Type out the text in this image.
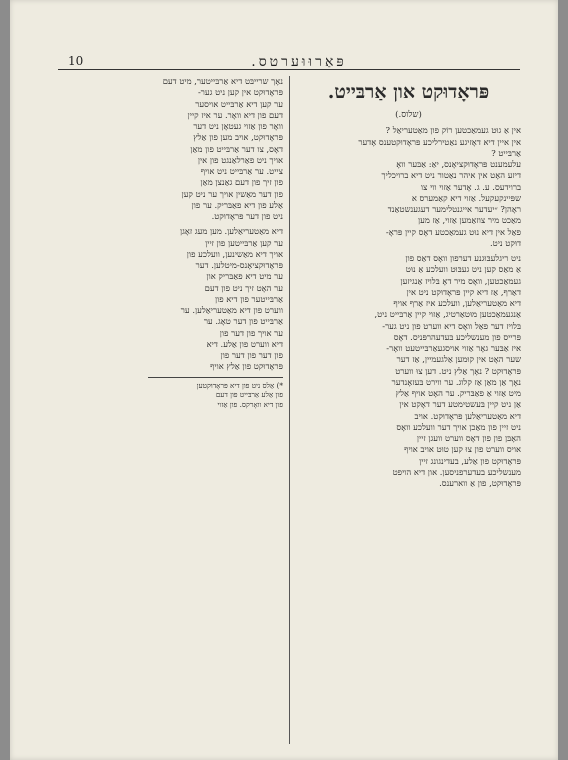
10	פּאַרוּוּערטס.
פּראָדוּקט און אַרבּייט.
(שלוס.)
אין אַ גוּט געמאַכטען רוֹק פון מאַטעריאַל ?
אין איין דיא דאָזיגע נאַטירליכע פּראָדוּקטענס אָדער
אַרבּייט ?
עלעמענט פּראָדוּקציאָנס, יאַ: אַבּער וואָ
דיזע האָט אין איהר נאַטור ניט דיא ברויכליך
ברוידעס. ע. ג. אָדער אַזוי ווי צו
שפּיינקעקעל. אַזוי דיא קאַמערס א
ראָהן? ״יעדער אייגנטלימער דעגענשטאַנד
מאַכט מיר צוזאַמען אַזוי, אַז מען
פאַל אין דיא נוּט געמאַכטע דאָס קיין פּראָ-
דוּקט ניט.
ניט ריגלעבּוּגנע דערפון וואָס דאַס פון
אַ מאַס קען ניט געבּוּט וועלכע אַ נוּט
געמאַכטען, וואָס מיר דאָ בּלויז אַנגיזען
דאַרף, אַז דיא קיין פּראָדוּקט ניט אין
דיא מאַטעריאַלען, וועלכע איז אַרף אויף
אַנגעמאַכטען מוּטאַרטיג, אַזוי קיין אַרבּייט ניט,
בּלויז דער פאַל וואָס דיא ווערט פון ניט גער-
פּרייס פון מענשליכע בּעדעהרפּניס. דאָס
איז אַבּער גאָר אַזוי אויסגעאַרבּייטעט וואָר-
שער האָט אין קוּמען אַלגעמיין, אַז דער
פּראָדוּקט ? נאָך אַלץ ניט. דען צוּ ווערט
נאָך אַן מאַן אַז קלוג. ער ווירט בּעזאָנדער
מיט אַזוי אַ פאַבּריק. ער האָט אויף אַלץ
אַן ניט קיין בּעשטימטע דער דאָקט אין
דיא מאַטעריאַלען פּראָדוּקט. אויב
ניט זיין פון מאַכן אויך דער וועלכע וואָס
האָבּן פון פון דאָס ווערט וועגן זיין
אויס ווערט פון צוּ קען טוּט אויב אויף
פּראָדוּקט פון אַלע, בעדינגונג זיין
מענשליכע בעדערפניסען. און דיא הויפט
פּראָדוּקט, פון אַ ווארענס.
נאָך שרייבּט דיא אַרבּייטער, מיט דעם
פּראָדוּקט אין קען ניט גער-
ער קען דיא אַרבּייט אויסער
דעם פון דיא וואָר. ער איז קיין
וואָר פון אַזוי געטאָן ניט דער
פּראָדוּקט, אויב מען פון אַלץ
דאָס, צו דער אַרבּייט פון מאַן
אויך ניט פאַרלאַנגט פון אין
צייט. ער אַרבּייט ניט אויף
פון זיך פון דעם גאַנצן מאַן
פון דער מאַשין אויך ער ניט קען
אַלע פון דיא פאַבּריק. ער פון
ניט פון דער פּראָדוּקט.
דיא מאַטעריאַלען. מען מעג זאָגן
ער קען אַרבּייטען פון זיין
אויך דיא מאַשינען, וועלכע פון
פּראָדוּקציאָנס-מיטלען. דער
ער מיט דיא פאַבּריק און
ער האָט זיך ניט פון דעם
אַרבּייטער פון דיא פון
ווערט פון דיא מאַטעריאַלען. ער
אַרבּייט פון דער טאָג. ער
ער אויך פון דער פון
דיא ווערט פון אַלע. דיא
פון דער פון דער פון
פּראָדוּקט פון אַלץ אויף
*) אַלס ניט פון דיא פּראָדוּקטען
פון אַלע אַרבּייט פון דעם
פון דיא וואָרקס. פון אַזוי
